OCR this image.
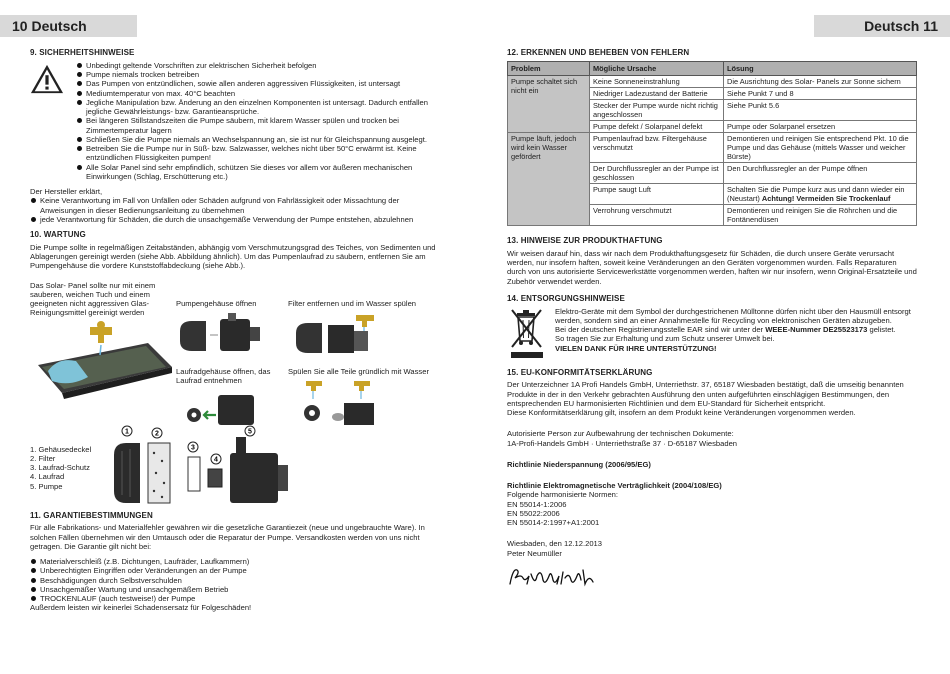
10 Deutsch	Deutsch 11
9. SICHERHEITSHINWEISE
Unbedingt geltende Vorschriften zur elektrischen Sicherheit befolgen
Pumpe niemals trocken betreiben
Das Pumpen von entzündlichen, sowie allen anderen aggressiven Flüssigkeiten, ist untersagt
Mediumtemperatur von max. 40°C beachten
Jegliche Manipulation bzw. Änderung an den einzelnen Komponenten ist untersagt. Dadurch entfallen jegliche Gewährleistungs- bzw. Garantieansprüche.
Bei längeren Stillstandszeiten die Pumpe säubern, mit klarem Wasser spülen und trocken bei Zimmertemperatur lagern
Schließen Sie die Pumpe niemals an Wechselspannung an, sie ist nur für Gleichspannung ausgelegt.
Betreiben Sie die Pumpe nur in Süß- bzw. Salzwasser, welches nicht über 50°C erwärmt ist. Keine entzündlichen Flüssigkeiten pumpen!
Alle Solar Panel sind sehr empfindlich, schützen Sie dieses vor allem vor äußeren mechanischen Einwirkungen (Schlag, Erschütterung etc.)

Der Hersteller erklärt,

Keine Verantwortung im Fall von Unfällen oder Schäden aufgrund von Fahrlässigkeit oder Missachtung der Anweisungen in dieser Bedienungsanleitung zu übernehmen
jede Verantwortung für Schäden, die durch die unsachgemäße Verwendung der Pumpe entstehen, abzulehnen
10. WARTUNG

Die Pumpe sollte in regelmäßigen Zeitabständen, abhängig vom Verschmutzungsgrad des Teiches, von Sedimenten und Ablagerungen gereinigt werden (siehe Abb. Abbildung ähnlich). Um das Pumpenlaufrad zu säubern, entfernen Sie am Pumpengehäuse die vordere Kunststoffabdeckung (siehe Abb.).

Das Solar- Panel sollte nur mit einem sauberen, weichen Tuch und einem geeigneten nicht aggressiven Glas-Reinigungsmittel gereinigt werden
Pumpengehäuse öffnen	Filter entfernen und im Wasser spülen
Laufradgehäuse öffnen, das Laufrad entnehmen
Spülen Sie alle Teile gründlich mit Wasser
1	2
3
4
5
1. Gehäusedeckel
2. Filter
3. Laufrad-Schutz
4. Laufrad
5. Pumpe
11. GARANTIEBESTIMMUNGEN

Für alle Fabrikations- und Materialfehler gewähren wir die gesetzliche Garantiezeit (neue und ungebrauchte Ware). In solchen Fällen übernehmen wir den Umtausch oder die Reparatur der Pumpe. Versandkosten werden von uns nicht getragen. Die Garantie gilt nicht bei:

Materialverschleiß (z.B. Dichtungen, Laufräder, Laufkammern)
Unberechtigten Eingriffen oder Veränderungen an der Pumpe
Beschädigungen durch Selbstverschulden
Unsachgemäßer Wartung und unsachgemäßem Betrieb
TROCKENLAUF (auch testweise!) der Pumpe

Außerdem leisten wir keinerlei Schadensersatz für Folgeschäden!

12. ERKENNEN UND BEHEBEN VON FEHLERN
Problem	Mögliche Ursache	Lösung
Pumpe schaltet sich nicht ein	Keine Sonneneinstrahlung	Die Ausrichtung des Solar- Panels zur Sonne sichern
	Niedriger Ladezustand der Batterie	Siehe Punkt 7 und 8
	Stecker der Pumpe wurde nicht richtig angeschlossen	Siehe Punkt 5.6
	Pumpe defekt / Solarpanel defekt	Pumpe oder Solarpanel ersetzen
Pumpe läuft, jedoch wird kein Wasser gefördert	Pumpenlaufrad bzw. Filtergehäuse verschmutzt	Demontieren und reinigen Sie entsprechend Pkt. 10 die Pumpe und das Gehäuse (mittels Wasser und weicher Bürste)
	Der Durchflussregler an der Pumpe ist geschlossen	Den Durchflussregler an der Pumpe öffnen
	Pumpe saugt Luft	Schalten Sie die Pumpe kurz aus und dann wieder ein (Neustart) Achtung! Vermeiden Sie Trockenlauf
	Verrohrung verschmutzt	Demontieren und reinigen Sie die Röhrchen und die Fontänendüsen
13. HINWEISE ZUR PRODUKTHAFTUNG

Wir weisen darauf hin, dass wir nach dem Produkthaftungsgesetz für Schäden, die durch unsere Geräte verursacht werden, nur insofern haften, soweit keine Veränderungen an den Geräten vorgenommen wurden. Falls Reparaturen durch von uns autorisierte Servicewerkstätte vorgenommen werden, haften wir nur insofern, wenn Original-Ersatzteile und Zubehör verwendet werden.

14. ENTSORGUNGSHINWEISE

Elektro-Geräte mit dem Symbol der durchgestrichenen Mülltonne dürfen nicht über den Hausmüll entsorgt werden, sondern sind an einer Annahmestelle für Recycling von elektronischen Geräten abzugeben.

Bei der deutschen Registrierungsstelle EAR sind wir unter der WEEE-Nummer DE25523173 gelistet.

So tragen Sie zur Erhaltung und zum Schutz unserer Umwelt bei.

VIELEN DANK FÜR IHRE UNTERSTÜTZUNG!

15. EU-KONFORMITÄTSERKLÄRUNG

Der Unterzeichner 1A Profi Handels GmbH, Unterriethstr. 37, 65187 Wiesbaden bestätigt, daß die umseitig benannten Produkte in der in den Verkehr gebrachten Ausführung den unten aufgeführten einschlägigen Bestimmungen, den entsprechenden EU harmonisierten Richtlinien und dem EU-Standard für Sicherheit entspricht.

Diese Konformitätserklärung gilt, insofern an dem Produkt keine Veränderungen vorgenommen werden.

Autorisierte Person zur Aufbewahrung der technischen Dokumente:

1A-Profi-Handels GmbH · Unterriethstraße 37 · D-65187 Wiesbaden

Richtlinie Niederspannung (2006/95/EG)

Richtlinie Elektromagnetische Verträglichkeit (2004/108/EG)

Folgende harmonisierte Normen:

EN 55014-1:2006

EN 55022:2006

EN 55014-2:1997+A1:2001

Wiesbaden, den 12.12.2013

Peter Neumüller
